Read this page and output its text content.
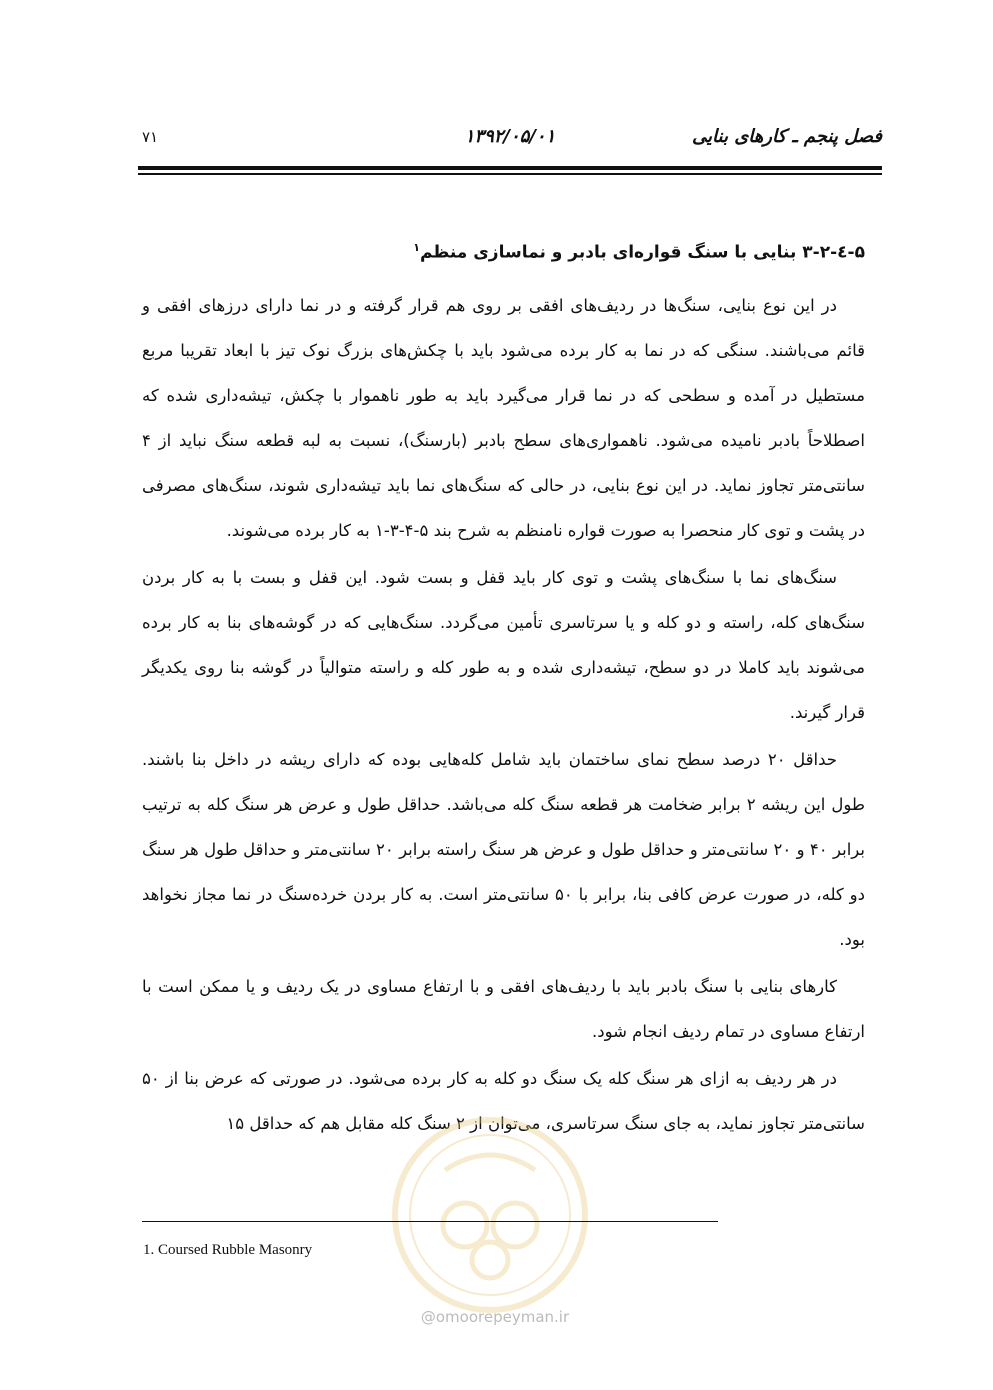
فصل پنجم ـ کارهای بنایی
۱۳۹۲/۰۵/۰۱
۷۱
۵-٤-۳-۲ بنایی با سنگ قواره‌ای بادبر و نماسازی منظم$^۱$

در این نوع بنایی، سنگ‌ها در ردیف‌های افقی بر روی هم قرار گرفته و در نما دارای درزهای افقی و قائم می‌باشند. سنگی که در نما به کار برده می‌شود باید با چکش‌های بزرگ نوک تیز با ابعاد تقریبا مربع مستطیل در آمده و سطحی که در نما قرار می‌گیرد باید به طور ناهموار با چکش، تیشه‌داری شده که اصطلاحاً بادبر نامیده می‌شود. ناهمواری‌های سطح بادبر (بارسنگ)، نسبت به لبه قطعه سنگ نباید از ۴ سانتی‌متر تجاوز نماید. در این نوع بنایی، در حالی که سنگ‌های نما باید تیشه‌داری شوند، سنگ‌های مصرفی در پشت و توی کار منحصرا به صورت قواره نامنظم به شرح بند ۵-۴-۳-۱ به کار برده می‌شوند.

سنگ‌های نما با سنگ‌های پشت و توی کار باید قفل و بست شود. این قفل و بست با به کار بردن سنگ‌های کله، راسته و دو کله و یا سرتاسری تأمین می‌گردد. سنگ‌هایی که در گوشه‌های بنا به کار برده می‌شوند باید کاملا در دو سطح، تیشه‌داری شده و به طور کله و راسته متوالیاً در گوشه بنا روی یکدیگر قرار گیرند.

حداقل ۲۰ درصد سطح نمای ساختمان باید شامل کله‌هایی بوده که دارای ریشه در داخل بنا باشند. طول این ریشه ۲ برابر ضخامت هر قطعه سنگ کله می‌باشد. حداقل طول و عرض هر سنگ کله به ترتیب برابر ۴۰ و ۲۰ سانتی‌متر و حداقل طول و عرض هر سنگ راسته برابر ۲۰ سانتی‌متر و حداقل طول هر سنگ دو کله، در صورت عرض کافی بنا، برابر با ۵۰ سانتی‌متر است. به کار بردن خرده‌سنگ در نما مجاز نخواهد بود.

کارهای بنایی با سنگ بادبر باید با ردیف‌های افقی و با ارتفاع مساوی در یک ردیف و یا ممکن است با ارتفاع مساوی در تمام ردیف انجام شود.

در هر ردیف به ازای هر سنگ کله یک سنگ دو کله به کار برده می‌شود. در صورتی که عرض بنا از ۵۰ سانتی‌متر تجاوز نماید، به جای سنگ سرتاسری، می‌توان از ۲ سنگ کله مقابل هم که حداقل ۱۵

@omoorepeyman.ir
1. Coursed Rubble Masonry
